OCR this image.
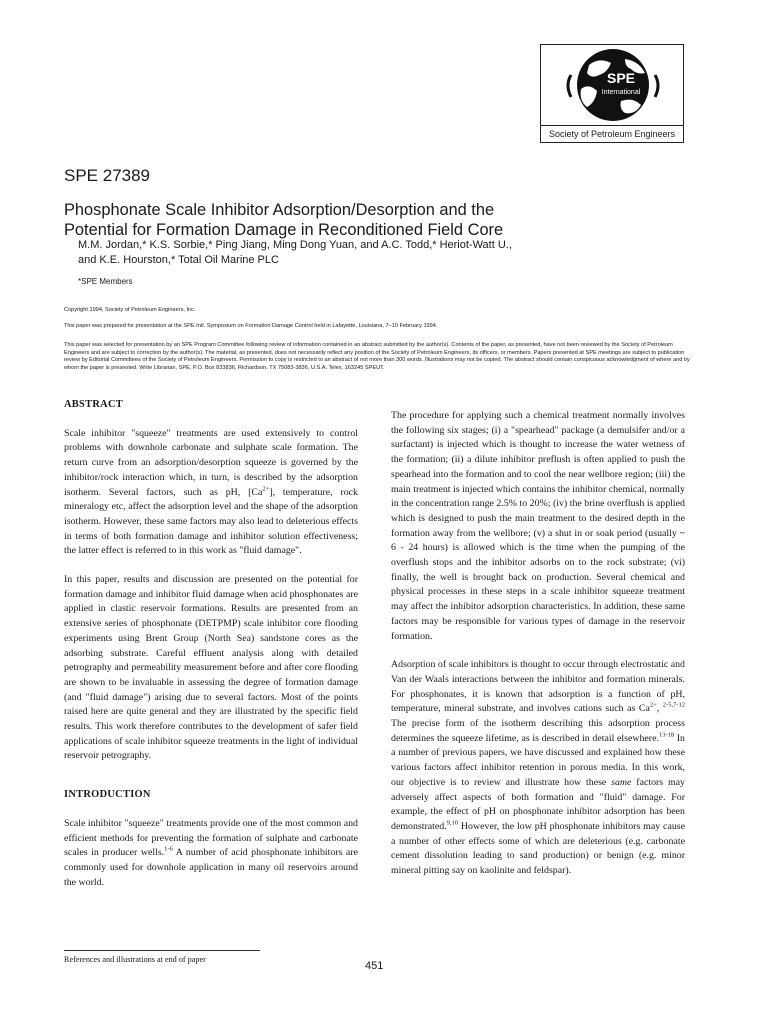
SPE
International
Society of Petroleum Engineers
SPE 27389
Phosphonate Scale Inhibitor Adsorption/Desorption and the
Potential for Formation Damage in Reconditioned Field Core
M.M. Jordan,* K.S. Sorbie,* Ping Jiang, Ming Dong Yuan, and A.C. Todd,* Heriot-Watt U.,
and K.E. Hourston,* Total Oil Marine PLC
*SPE Members

Copyright 1994, Society of Petroleum Engineers, Inc.

This paper was prepared for presentation at the SPE Intl. Symposium on Formation Damage Control held in Lafayette, Louisiana, 7–10 February 1994.

This paper was selected for presentation by an SPE Program Committee following review of information contained in an abstract submitted by the author(s). Contents of the paper, as presented, have not been reviewed by the Society of Petroleum Engineers and are subject to correction by the author(s). The material, as presented, does not necessarily reflect any position of the Society of Petroleum Engineers, its officers, or members. Papers presented at SPE meetings are subject to publication review by Editorial Committees of the Society of Petroleum Engineers. Permission to copy is restricted to an abstract of not more than 300 words. Illustrations may not be copied. The abstract should contain conspicuous acknowledgment of where and by whom the paper is presented. Write Librarian, SPE, P.O. Box 833836, Richardson, TX 75083-3836, U.S.A. Telex, 163245 SPEUT.

ABSTRACT

Scale inhibitor "squeeze" treatments are used extensively to control problems with downhole carbonate and sulphate scale formation. The return curve from an adsorption/desorption squeeze is governed by the inhibitor/rock interaction which, in turn, is described by the adsorption isotherm. Several factors, such as pH, $[Ca^{2+}]$, temperature, rock mineralogy etc, affect the adsorption level and the shape of the adsorption isotherm. However, these same factors may also lead to deleterious effects in terms of both formation damage and inhibitor solution effectiveness; the latter effect is referred to in this work as "fluid damage".

In this paper, results and discussion are presented on the potential for formation damage and inhibitor fluid damage when acid phosphonates are applied in clastic reservoir formations. Results are presented from an extensive series of phosphonate (DETPMP) scale inhibitor core flooding experiments using Brent Group (North Sea) sandstone cores as the adsorbing substrate. Careful effluent analysis along with detailed petrography and permeability measurement before and after core flooding are shown to be invaluable in assessing the degree of formation damage (and "fluid damage") arising due to several factors. Most of the points raised here are quite general and they are illustrated by the specific field results. This work therefore contributes to the development of safer field applications of scale inhibitor squeeze treatments in the light of individual reservoir petrography.

INTRODUCTION

Scale inhibitor "squeeze" treatments provide one of the most common and efficient methods for preventing the formation of sulphate and carbonate scales in producer wells.$^{1-6}$ A number of acid phosphonate inhibitors are commonly used for downhole application in many oil reservoirs around the world.

The procedure for applying such a chemical treatment normally involves the following six stages; (i) a "spearhead" package (a demulsifer and/or a surfactant) is injected which is thought to increase the water wetness of the formation; (ii) a dilute inhibitor preflush is often applied to push the spearhead into the formation and to cool the near wellbore region; (iii) the main treatment is injected which contains the inhibitor chemical, normally in the concentration range 2.5% to 20%; (iv) the brine overflush is applied which is designed to push the main treatment to the desired depth in the formation away from the wellbore; (v) a shut in or soak period (usually ~ 6 - 24 hours) is allowed which is the time when the pumping of the overflush stops and the inhibitor adsorbs on to the rock substrate; (vi) finally, the well is brought back on production. Several chemical and physical processes in these steps in a scale inhibitor squeeze treatment may affect the inhibitor adsorption characteristics. In addition, these same factors may be responsible for various types of damage in the reservoir formation.

Adsorption of scale inhibitors is thought to occur through electrostatic and Van der Waals interactions between the inhibitor and formation minerals. For phosphonates, it is known that adsorption is a function of pH, temperature, mineral substrate, and involves cations such as $Ca^{2+}$, $^{2-5,7-12}$ The precise form of the isotherm describing this adsorption process determines the squeeze lifetime, as is described in detail elsewhere.$^{13-18}$ In a number of previous papers, we have discussed and explained how these various factors affect inhibitor retention in porous media. In this work, our objective is to review and illustrate how these same factors may adversely affect aspects of both formation and "fluid" damage. For example, the effect of pH on phosphonate inhibitor adsorption has been demonstrated.$^{9,10}$ However, the low pH phosphonate inhibitors may cause a number of other effects some of which are deleterious (e.g. carbonate cement dissolution leading to sand production) or benign (e.g. minor mineral pitting say on kaolinite and feldspar).

References and illustrations at end of paper
451
